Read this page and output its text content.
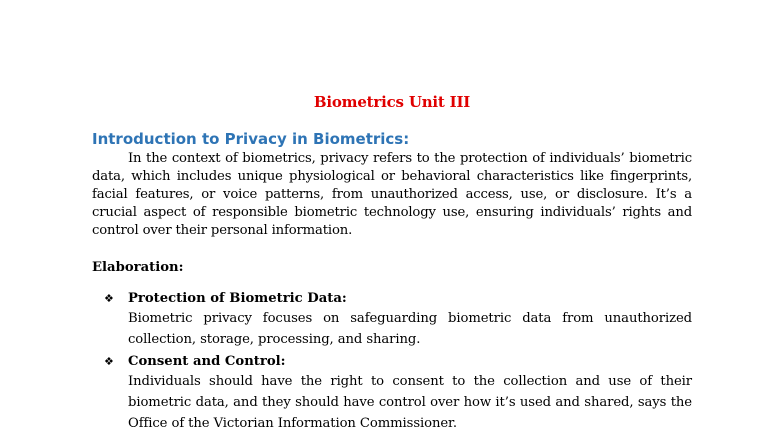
Biometrics Unit III
Introduction to Privacy in Biometrics:
In the context of biometrics, privacy refers to the protection of individuals’ biometric data, which includes unique physiological or behavioral characteristics like fingerprints, facial features, or voice patterns, from unauthorized access, use, or disclosure. It’s a crucial aspect of responsible biometric technology use, ensuring individuals’ rights and control over their personal information.
Elaboration:
❖	Protection of Biometric Data:
Biometric privacy focuses on safeguarding biometric data from unauthorized collection, storage, processing, and sharing.
❖	Consent and Control:
Individuals should have the right to consent to the collection and use of their biometric data, and they should have control over how it’s used and shared, says the Office of the Victorian Information Commissioner.
